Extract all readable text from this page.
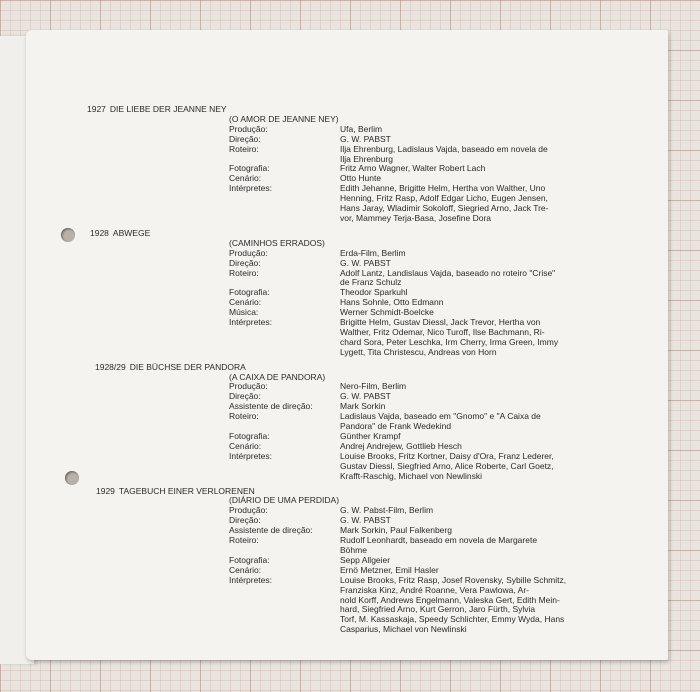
1927 DIE LIEBE DER JEANNE NEY
(O AMOR DE JEANNE NEY)
Produção:	Ufa, Berlim
Direção:	G. W. PABST
Roteiro:	Ilja Ehrenburg, Ladislaus Vajda, baseado em novela de
Ilja Ehrenburg
Fotografia:	Fritz Arno Wagner, Walter Robert Lach
Cenário:	Otto Hunte
Intérpretes:	Edith Jehanne, Brigitte Helm, Hertha von Walther, Uno
Henning, Fritz Rasp, Adolf Edgar Licho, Eugen Jensen,
Hans Jaray, Wladimir Sokoloff, Siegried Arno, Jack Tre-
vor, Mammey Terja-Basa, Josefine Dora
1928 ABWEGE
(CAMINHOS ERRADOS)
Produção:	Erda-Film, Berlim
Direção:	G. W. PABST
Roteiro:	Adolf Lantz, Landislaus Vajda, baseado no roteiro "Crise"
de Franz Schulz
Fotografia:	Theodor Sparkuhl
Cenário:	Hans Sohnle, Otto Edmann
Música:	Werner Schmidt-Boelcke
Intérpretes:	Brigitte Helm, Gustav Diessl, Jack Trevor, Hertha von
Walther, Fritz Odemar, Nico Turoff, Ilse Bachmann, Ri-
chard Sora, Peter Leschka, Irm Cherry, Irma Green, Immy
Lygett, Tita Christescu, Andreas von Horn
1928/29 DIE BÜCHSE DER PANDORA
(A CAIXA DE PANDORA)
Produção:	Nero-Film, Berlim
Direção:	G. W. PABST
Assistente de direção:	Mark Sorkin
Roteiro:	Ladislaus Vajda, baseado em "Gnomo" e "A Caixa de
Pandora" de Frank Wedekind
Fotografia:	Günther Krampf
Cenário:	Andrej Andrejew, Gottlieb Hesch
Intérpretes:	Louise Brooks, Fritz Kortner, Daisy d'Ora, Franz Lederer,
Gustav Diessl, Siegfried Arno, Alice Roberte, Carl Goetz,
Krafft-Raschig, Michael von Newlinski
1929 TAGEBUCH EINER VERLORENEN
(DIÁRIO DE UMA PERDIDA)
Produção:	G. W. Pabst-Film, Berlim
Direção:	G. W. PABST
Assistente de direção:	Mark Sorkin, Paul Falkenberg
Roteiro:	Rudolf Leonhardt, baseado em novela de Margarete
Böhme
Fotografia:	Sepp Allgeier
Cenário:	Ernö Metzner, Emil Hasler
Intérpretes:	Louise Brooks, Fritz Rasp, Josef Rovensky, Sybille Schmitz,
Franziska Kinz, André Roanne, Vera Pawlowa, Ar-
nold Korff, Andrews Engelmann, Valeska Gert, Edith Mein-
hard, Siegfried Arno, Kurt Gerron, Jaro Fürth, Sylvia
Torf, M. Kassaskaja, Speedy Schlichter, Emmy Wyda, Hans
Casparius, Michael von Newlinski
